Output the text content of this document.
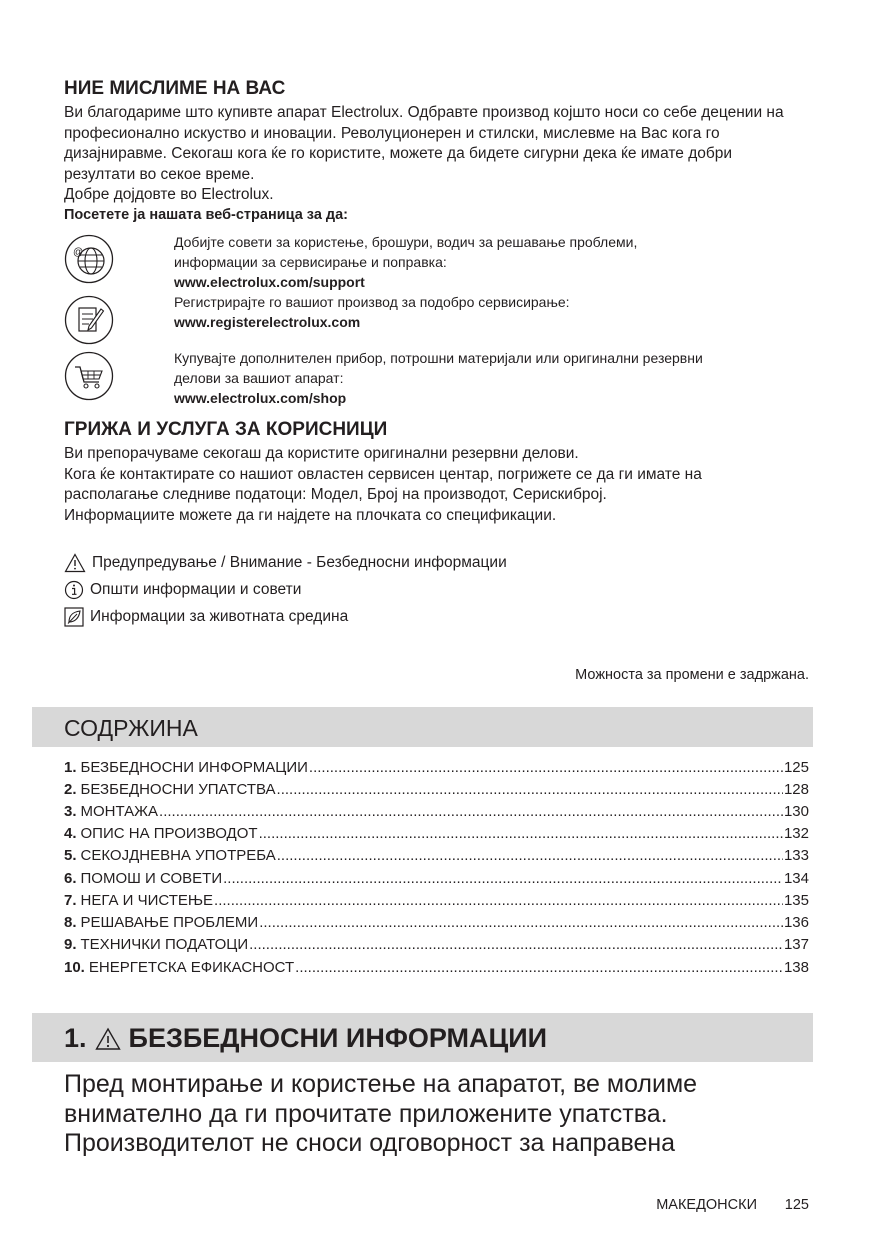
НИЕ МИСЛИМЕ НА ВАС

Ви благодариме што купивте апарат Electrolux. Одбравте производ којшто носи со себе децении на професионално искуство и иновации. Револуционерен и стилски, мислевме на Вас кога го дизајниравме. Секогаш кога ќе го користите, можете да бидете сигурни дека ќе имате добри резултати во секое време.

Добре дојдовте во Electrolux.

Посетете ја нашата веб-страница за да:
@
Добијте совети за користење, брошури, водич за решавање проблеми,
информации за сервисирање и поправка:
www.electrolux.com/support
Регистрирајте го вашиот производ за подобро сервисирање:
www.registerelectrolux.com
Купувајте дополнителен прибор, потрошни материјали или оригинални резервни
делови за вашиот апарат:
www.electrolux.com/shop
ГРИЖА И УСЛУГА ЗА КОРИСНИЦИ

Ви препорачуваме секогаш да користите оригинални резервни делови.

Кога ќе контактирате со нашиот овластен сервисен центар, погрижете се да ги имате на располагање следниве податоци: Модел, Број на производот, Серискиброј.

Информациите можете да ги најдете на плочката со спецификации.

Предупредување / Внимание - Безбедносни информации
Општи информации и совети
Информации за животната средина
Можноста за промени е задржана.
СОДРЖИНА
1. БЕЗБЕДНОСНИ ИНФОРМАЦИИ .....	125
2. БЕЗБЕДНОСНИ УПАТСТВА .....	128
3. МОНТАЖА .....	130
4. ОПИС НА ПРОИЗВОДОТ .....	132
5. СЕКОЈДНЕВНА УПОТРЕБА .....	133
6. ПОМОШ И СОВЕТИ .....	134
7. НЕГА И ЧИСТЕЊЕ .....	135
8. РЕШАВАЊЕ ПРОБЛЕМИ .....	136
9. ТЕХНИЧКИ ПОДАТОЦИ .....	137
10. ЕНЕРГЕТСКА ЕФИКАСНОСТ .....	138
1. БЕЗБЕДНОСНИ ИНФОРМАЦИИ
Пред монтирање и користење на апаратот, ве молиме внимателно да ги прочитате приложените упатства. Производителот не сноси одговорност за направена
МАКЕДОНСКИ 125
